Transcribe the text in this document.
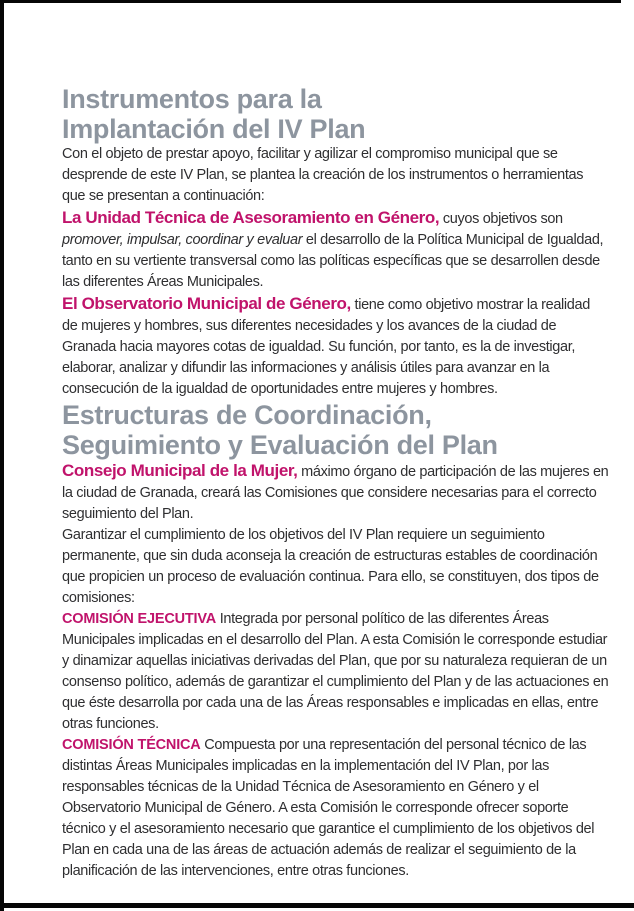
Instrumentos para la
Implantación del IV Plan

Con el objeto de prestar apoyo, facilitar y agilizar el compromiso municipal que se desprende de este IV Plan, se plantea la creación de los instrumentos o herramientas que se presentan a continuación:

La Unidad Técnica de Asesoramiento en Género, cuyos objetivos son promover, impulsar, coordinar y evaluar el desarrollo de la Política Municipal de Igualdad, tanto en su vertiente transversal como las políticas específicas que se desarrollen desde las diferentes Áreas Municipales.

El Observatorio Municipal de Género, tiene como objetivo mostrar la realidad de mujeres y hombres, sus diferentes necesidades y los avances de la ciudad de Granada hacia mayores cotas de igualdad. Su función, por tanto, es la de investigar, elaborar, analizar y difundir las informaciones y análisis útiles para avanzar en la consecución de la igualdad de oportunidades entre mujeres y hombres.

Estructuras de Coordinación,
Seguimiento y Evaluación del Plan

Consejo Municipal de la Mujer, máximo órgano de participación de las mujeres en la ciudad de Granada, creará las Comisiones que considere necesarias para el correcto seguimiento del Plan.

Garantizar el cumplimiento de los objetivos del IV Plan requiere un seguimiento permanente, que sin duda aconseja la creación de estructuras estables de coordinación que propicien un proceso de evaluación continua. Para ello, se constituyen, dos tipos de comisiones:

COMISIÓN EJECUTIVA Integrada por personal político de las diferentes Áreas Municipales implicadas en el desarrollo del Plan. A esta Comisión le corresponde estudiar y dinamizar aquellas iniciativas derivadas del Plan, que por su naturaleza requieran de un consenso político, además de garantizar el cumplimiento del Plan y de las actuaciones en que éste desarrolla por cada una de las Áreas responsables e implicadas en ellas, entre otras funciones.

COMISIÓN TÉCNICA Compuesta por una representación del personal técnico de las distintas Áreas Municipales implicadas en la implementación del IV Plan, por las responsables técnicas de la Unidad Técnica de Asesoramiento en Género y el Observatorio Municipal de Género. A esta Comisión le corresponde ofrecer soporte técnico y el asesoramiento necesario que garantice el cumplimiento de los objetivos del Plan en cada una de las áreas de actuación además de realizar el seguimiento de la planificación de las intervenciones, entre otras funciones.
